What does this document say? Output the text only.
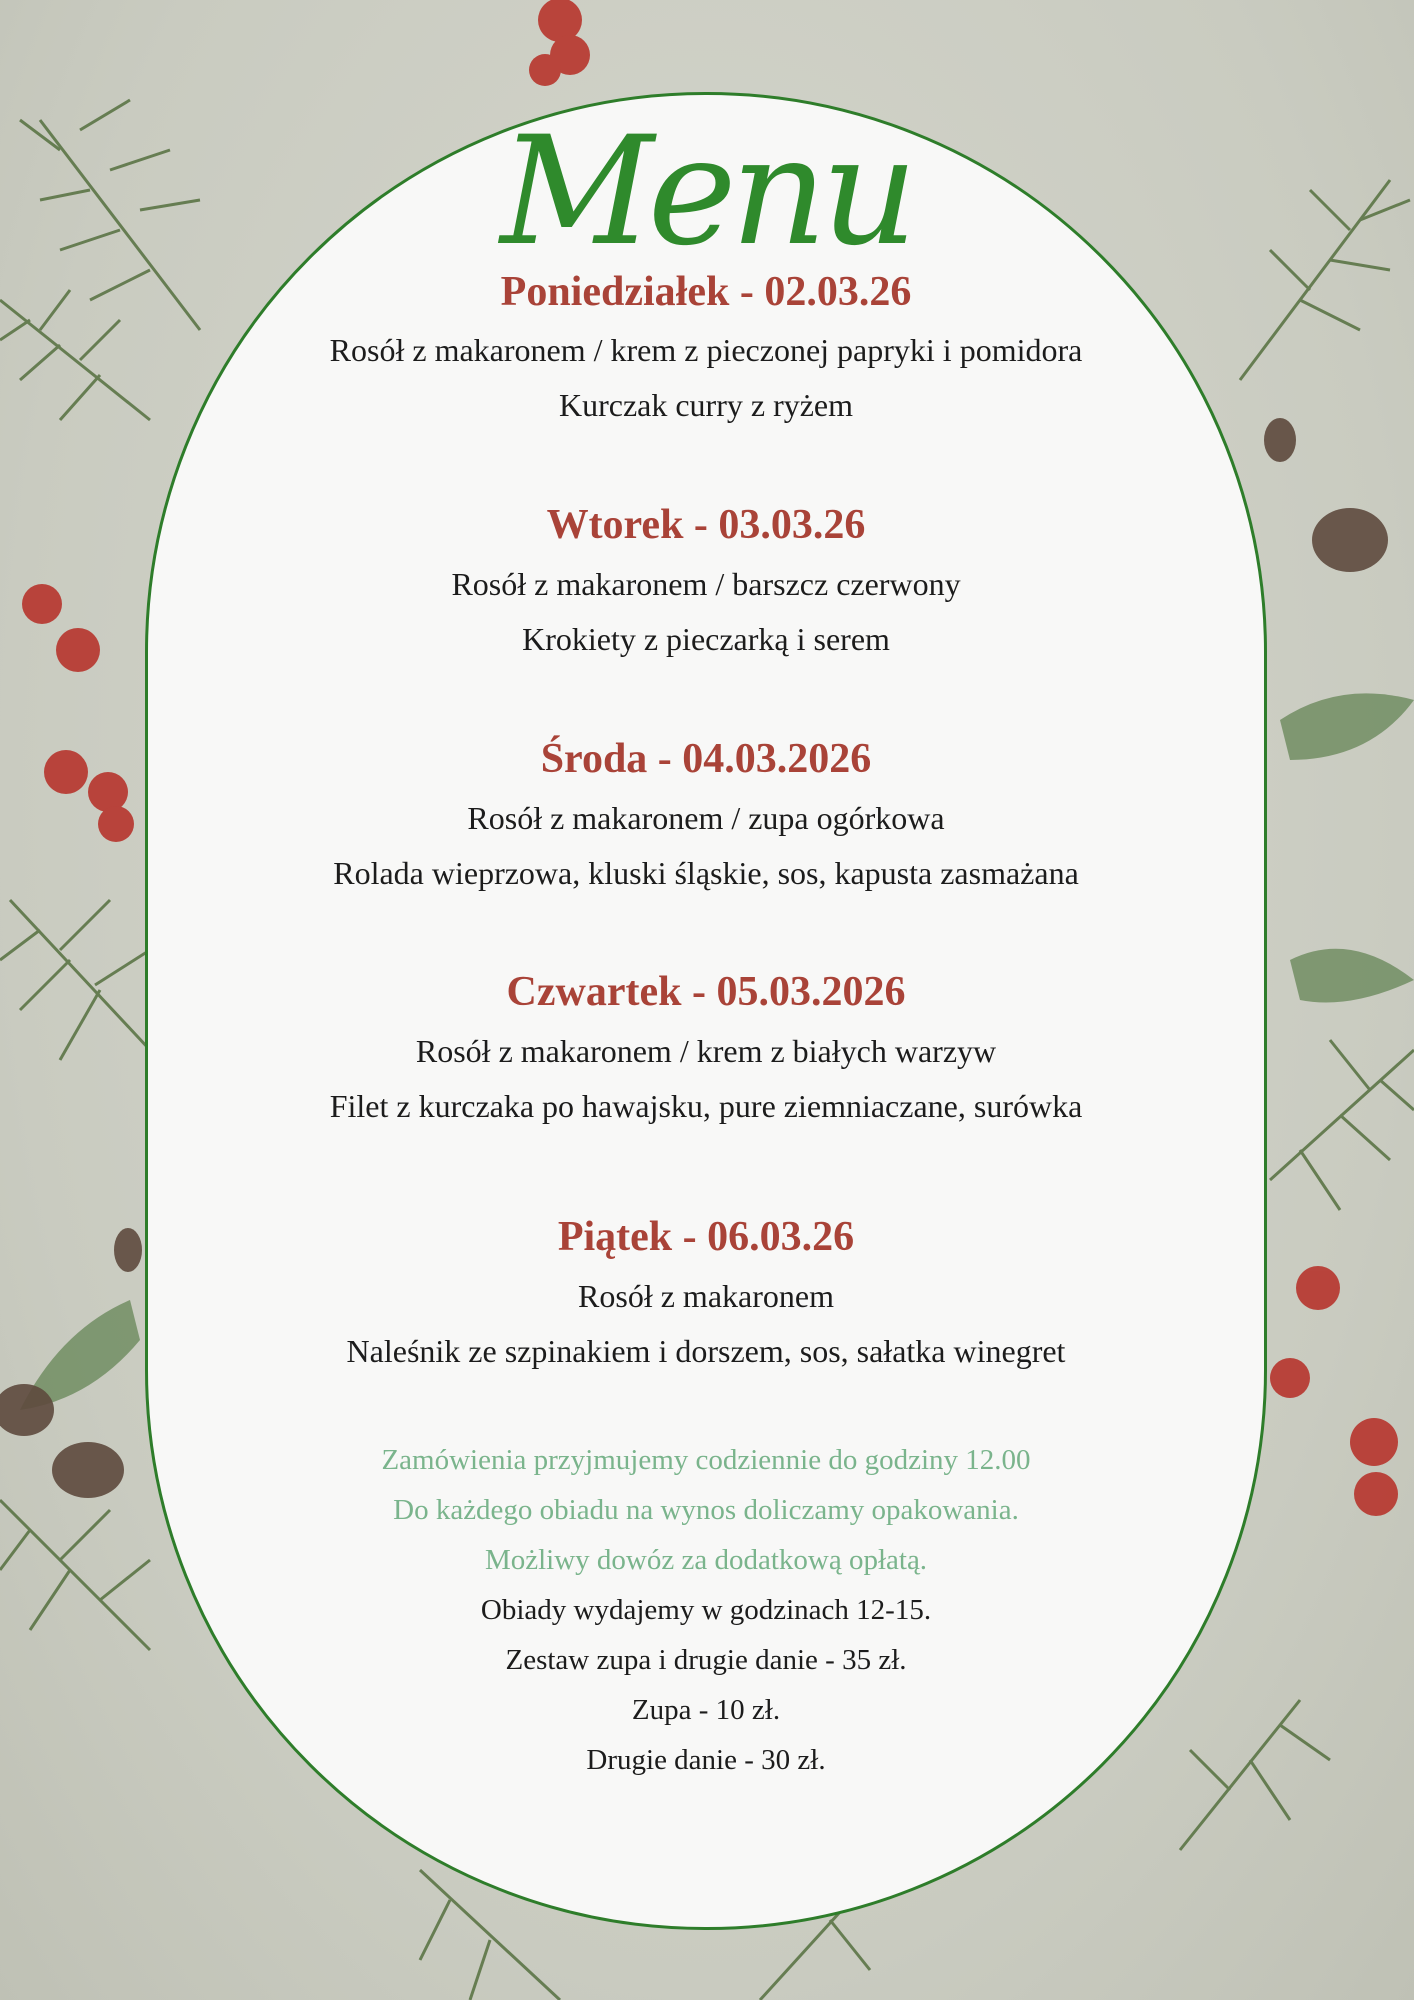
Menu

Poniedziałek - 02.03.26

Rosół z makaronem / krem z pieczonej papryki i pomidora

Kurczak curry z ryżem

Wtorek - 03.03.26

Rosół z makaronem / barszcz czerwony

Krokiety z pieczarką i serem

Środa - 04.03.2026

Rosół z makaronem / zupa ogórkowa

Rolada wieprzowa, kluski śląskie, sos, kapusta zasmażana

Czwartek - 05.03.2026

Rosół z makaronem / krem z białych warzyw

Filet z kurczaka po hawajsku, pure ziemniaczane, surówka

Piątek - 06.03.26

Rosół z makaronem

Naleśnik ze szpinakiem i dorszem, sos, sałatka winegret

Zamówienia przyjmujemy codziennie do godziny 12.00

Do każdego obiadu na wynos doliczamy opakowania.

Możliwy dowóz za dodatkową opłatą.

Obiady wydajemy w godzinach 12-15.

Zestaw zupa i drugie danie - 35 zł.

Zupa - 10 zł.

Drugie danie - 30 zł.
